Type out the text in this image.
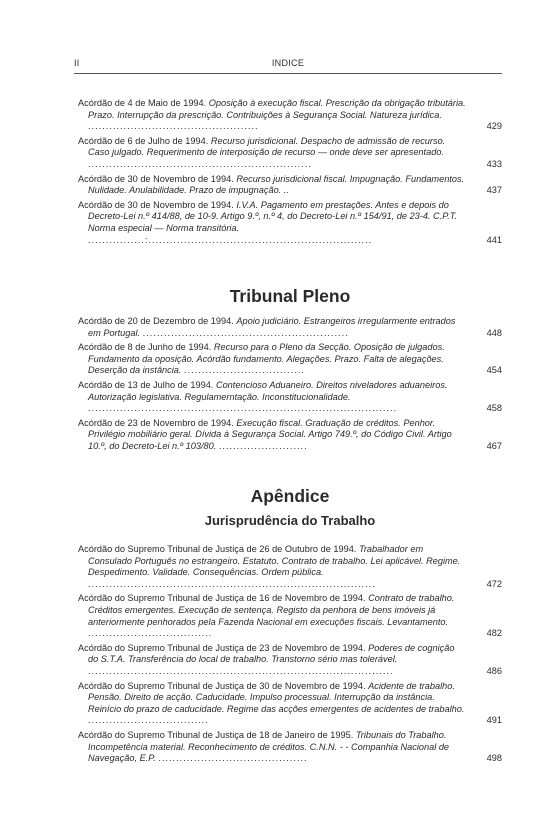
II	INDICE
Acórdão de 4 de Maio de 1994. Oposição à execução fiscal. Prescrição da obrigação tributária. Prazo. Interrupção da prescrição. Contribuições à Segurança Social. Natureza jurídica. ................................................	429
Acórdão de 6 de Julho de 1994. Recurso jurisdicional. Despacho de admissão de recurso. Caso julgado. Requerimento de interposição de recurso — onde deve ser apresentado. ...............................................................	433
Acórdão de 30 de Novembro de 1994. Recurso jurisdicional fiscal. Impugnação. Fundamentos. Nulidade. Anulabilidade. Prazo de impugnação. ..	437
Acórdão de 30 de Novembro de 1994. I.V.A. Pagamento em prestações. Antes e depois do Decreto-Lei n.º 414/88, de 10-9. Artigo 9.º, n.º 4, do Decreto-Lei n.º 154/91, de 23-4. C.P.T. Norma especial — Norma transitória. ................:...............................................................	441
Tribunal Pleno
Acórdão de 20 de Dezembro de 1994. Apoio judiciário. Estrangeiros irregularmente entrados em Portugal. ..........................................................	448
Acórdão de 8 de Junho de 1994. Recurso para o Pleno da Secção. Oposição de julgados. Fundamento da oposição. Acórdão fundamento. Alegações. Prazo. Falta de alegações. Deserção da instância. ..................................	454
Acórdão de 13 de Julho de 1994. Contencioso Aduaneiro. Direitos niveladores aduaneiros. Autorização legislativa. Regulamerntação. Inconstitucionalidade. .......................................................................................	458
Acórdão de 23 de Novembro de 1994. Execução fiscal. Graduação de créditos. Penhor. Privilégio mobiliário geral. Dívida à Segurança Social. Artigo 749.º, do Código Civil. Artigo 10.º, do Decreto-Lei n.º 103/80. .........................	467
Apêndice
Jurisprudência do Trabalho
Acórdão do Supremo Tribunal de Justiça de 26 de Outubro de 1994. Trabalhador em Consulado Português no estrangeiro. Estatuto. Contrato de trabalho. Lei aplicável. Regime. Despedimento. Validade. Consequências. Ordem pública. .................................................................................	472
Acórdão do Supremo Tribunal de Justiça de 16 de Novembro de 1994. Contrato de trabalho. Créditos emergentes. Execução de sentença. Registo da penhora de bens imóveis já anteriormente penhorados pela Fazenda Nacional em execuções fiscais. Levantamento. ...................................	482
Acórdão do Supremo Tribunal de Justiça de 23 de Novembro de 1994. Poderes de cognição do S.T.A. Transferência do local de trabalho. Transtorno sério mas tolerável. ......................................................................................	486
Acórdão do Supremo Tribunal de Justiça de 30 de Novembro de 1994. Acidente de trabalho. Pensão. Direito de acção. Caducidade. Impulso processual. Interrupção da instância. Reinício do prazo de caducidade. Regime das acções emergentes de acidentes de trabalho. ..................................	491
Acórdão do Supremo Tribunal de Justiça de 18 de Janeiro de 1995. Tribunais do Trabalho. Incompetência material. Reconhecimento de créditos. C.N.N. - - Companhia Nacional de Navegação, E.P. ..........................................	498
